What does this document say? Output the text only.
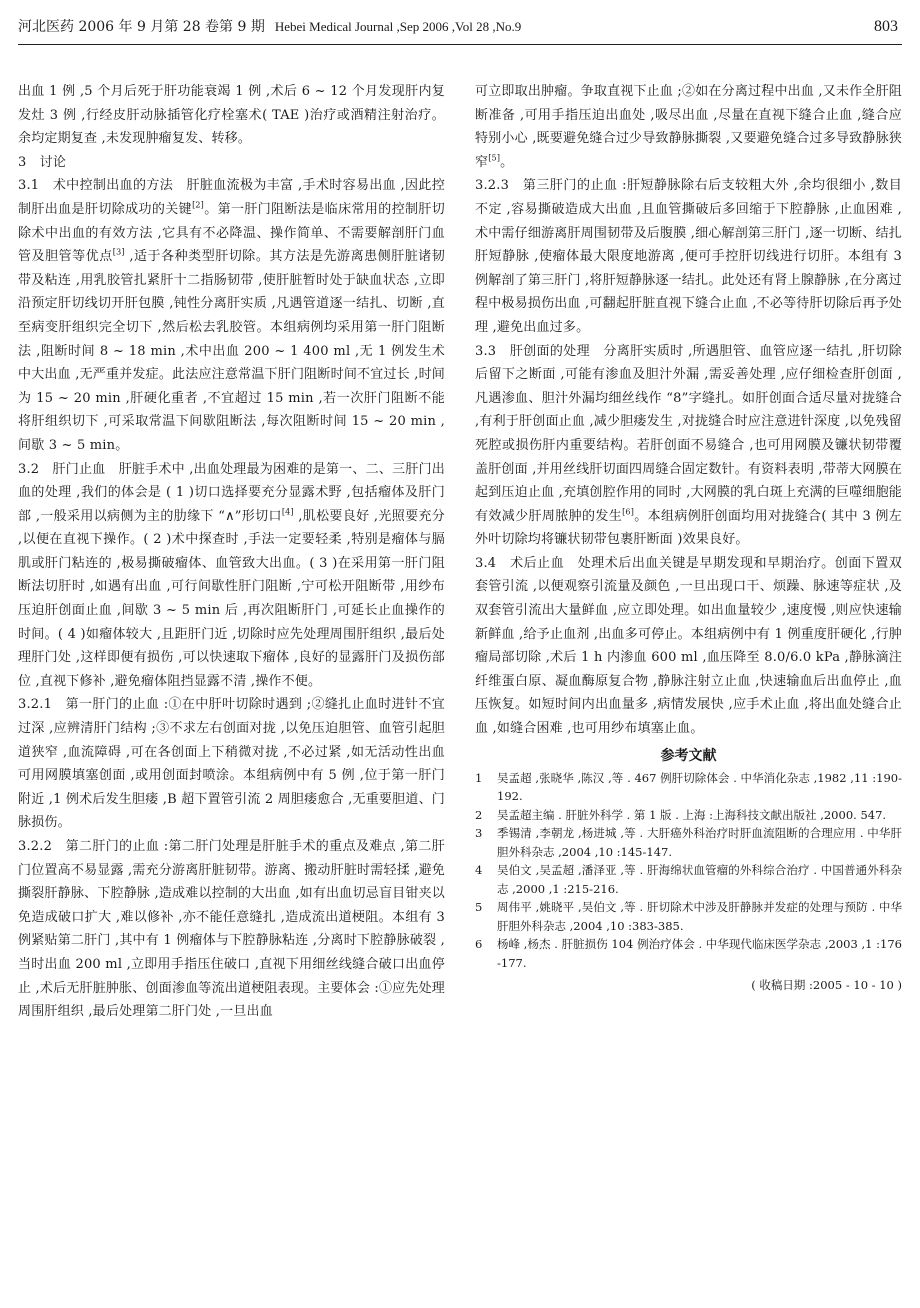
河北医药 2006 年 9 月第 28 卷第 9 期 Hebei Medical Journal ,Sep 2006 ,Vol 28 ,No.9	803

出血 1 例 ,5 个月后死于肝功能衰竭 1 例 ,术后 6 ~ 12 个月发现肝内复发灶 3 例 ,行经皮肝动脉插管化疗栓塞术( TAE )治疗或酒精注射治疗。余均定期复查 ,未发现肿瘤复发、转移。

3　讨论

3.1　术中控制出血的方法　肝脏血流极为丰富 ,手术时容易出血 ,因此控制肝出血是肝切除成功的关键[2]。第一肝门阻断法是临床常用的控制肝切除术中出血的有效方法 ,它具有不必降温、操作简单、不需要解剖肝门血管及胆管等优点[3] ,适于各种类型肝切除。其方法是先游离患侧肝脏诸韧带及粘连 ,用乳胶管扎紧肝十二指肠韧带 ,使肝脏暂时处于缺血状态 ,立即沿预定肝切线切开肝包膜 ,钝性分离肝实质 ,凡遇管道逐一结扎、切断 ,直至病变肝组织完全切下 ,然后松去乳胶管。本组病例均采用第一肝门阻断法 ,阻断时间 8 ~ 18 min ,术中出血 200 ~ 1 400 ml ,无 1 例发生术中大出血 ,无严重并发症。此法应注意常温下肝门阻断时间不宜过长 ,时间为 15 ~ 20 min ,肝硬化重者 ,不宜超过 15 min ,若一次肝门阻断不能将肝组织切下 ,可采取常温下间歇阻断法 ,每次阻断时间 15 ~ 20 min ,间歇 3 ~ 5 min。

3.2　肝门止血　肝脏手术中 ,出血处理最为困难的是第一、二、三肝门出血的处理 ,我们的体会是 ( 1 )切口选择要充分显露术野 ,包括瘤体及肝门部 ,一般采用以病侧为主的肋缘下 “∧”形切口[4] ,肌松要良好 ,光照要充分 ,以便在直视下操作。( 2 )术中探查时 ,手法一定要轻柔 ,特别是瘤体与膈肌或肝门粘连的 ,极易撕破瘤体、血管致大出血。( 3 )在采用第一肝门阻断法切肝时 ,如遇有出血 ,可行间歇性肝门阻断 ,宁可松开阻断带 ,用纱布压迫肝创面止血 ,间歇 3 ~ 5 min 后 ,再次阻断肝门 ,可延长止血操作的时间。( 4 )如瘤体较大 ,且距肝门近 ,切除时应先处理周围肝组织 ,最后处理肝门处 ,这样即便有损伤 ,可以快速取下瘤体 ,良好的显露肝门及损伤部位 ,直视下修补 ,避免瘤体阻挡显露不清 ,操作不便。

3.2.1　第一肝门的止血 :①在中肝叶切除时遇到 ;②缝扎止血时进针不宜过深 ,应辨清肝门结构 ;③不求左右创面对拢 ,以免压迫胆管、血管引起胆道狭窄 ,血流障碍 ,可在各创面上下稍微对拢 ,不必过紧 ,如无活动性出血可用网膜填塞创面 ,或用创面封喷涂。本组病例中有 5 例 ,位于第一肝门附近 ,1 例术后发生胆瘘 ,B 超下置管引流 2 周胆瘘愈合 ,无重要胆道、门脉损伤。

3.2.2　第二肝门的止血 :第二肝门处理是肝脏手术的重点及难点 ,第二肝门位置高不易显露 ,需充分游离肝脏韧带。游离、搬动肝脏时需轻揉 ,避免撕裂肝静脉、下腔静脉 ,造成难以控制的大出血 ,如有出血切忌盲目钳夹以免造成破口扩大 ,难以修补 ,亦不能任意缝扎 ,造成流出道梗阻。本组有 3 例紧贴第二肝门 ,其中有 1 例瘤体与下腔静脉粘连 ,分离时下腔静脉破裂 ,当时出血 200 ml ,立即用手指压住破口 ,直视下用细丝线缝合破口出血停止 ,术后无肝脏肿胀、创面渗血等流出道梗阻表现。主要体会 :①应先处理周围肝组织 ,最后处理第二肝门处 ,一旦出血

可立即取出肿瘤。争取直视下止血 ;②如在分离过程中出血 ,又未作全肝阻断准备 ,可用手指压迫出血处 ,吸尽出血 ,尽量在直视下缝合止血 ,缝合应特别小心 ,既要避免缝合过少导致静脉撕裂 ,又要避免缝合过多导致静脉狭窄[5]。

3.2.3　第三肝门的止血 :肝短静脉除右后支较粗大外 ,余均很细小 ,数目不定 ,容易撕破造成大出血 ,且血管撕破后多回缩于下腔静脉 ,止血困难 ,术中需仔细游离肝周围韧带及后腹膜 ,细心解剖第三肝门 ,逐一切断、结扎肝短静脉 ,使瘤体最大限度地游离 ,便可手控肝切线进行切肝。本组有 3 例解剖了第三肝门 ,将肝短静脉逐一结扎。此处还有肾上腺静脉 ,在分离过程中极易损伤出血 ,可翻起肝脏直视下缝合止血 ,不必等待肝切除后再予处理 ,避免出血过多。

3.3　肝创面的处理　分离肝实质时 ,所遇胆管、血管应逐一结扎 ,肝切除后留下之断面 ,可能有渗血及胆汁外漏 ,需妥善处理 ,应仔细检查肝创面 ,凡遇渗血、胆汁外漏均细丝线作 “8”字缝扎。如肝创面合适尽量对拢缝合 ,有利于肝创面止血 ,减少胆瘘发生 ,对拢缝合时应注意进针深度 ,以免残留死腔或损伤肝内重要结构。若肝创面不易缝合 ,也可用网膜及镰状韧带覆盖肝创面 ,并用丝线肝切面四周缝合固定数针。有资料表明 ,带蒂大网膜在起到压迫止血 ,充填创腔作用的同时 ,大网膜的乳白斑上充满的巨噬细胞能有效减少肝周脓肿的发生[6]。本组病例肝创面均用对拢缝合( 其中 3 例左外叶切除均将镰状韧带包裹肝断面 )效果良好。

3.4　术后止血　处理术后出血关键是早期发现和早期治疗。创面下置双套管引流 ,以便观察引流量及颜色 ,一旦出现口干、烦躁、脉速等症状 ,及双套管引流出大量鲜血 ,应立即处理。如出血量较少 ,速度慢 ,则应快速输新鲜血 ,给予止血剂 ,出血多可停止。本组病例中有 1 例重度肝硬化 ,行肿瘤局部切除 ,术后 1 h 内渗血 600 ml ,血压降至 8.0/6.0 kPa ,静脉滴注纤维蛋白原、凝血酶原复合物 ,静脉注射立止血 ,快速输血后出血停止 ,血压恢复。如短时间内出血量多 ,病情发展快 ,应手术止血 ,将出血处缝合止血 ,如缝合困难 ,也可用纱布填塞止血。

参考文献
1 吴孟超 ,张晓华 ,陈汉 ,等 . 467 例肝切除体会 . 中华消化杂志 ,1982 ,11 :190-192.
2 吴孟超主编 . 肝脏外科学 . 第 1 版 . 上海 :上海科技文献出版社 ,2000. 547.
3 季锡清 ,李朝龙 ,杨进城 ,等 . 大肝癌外科治疗时肝血流阻断的合理应用 . 中华肝胆外科杂志 ,2004 ,10 :145-147.
4 吴伯文 ,吴孟超 ,潘泽亚 ,等 . 肝海绵状血管瘤的外科综合治疗 . 中国普通外科杂志 ,2000 ,1 :215-216.
5 周伟平 ,姚晓平 ,吴伯文 ,等 . 肝切除术中涉及肝静脉并发症的处理与预防 . 中华肝胆外科杂志 ,2004 ,10 :383-385.
6 杨峰 ,杨杰 . 肝脏损伤 104 例治疗体会 . 中华现代临床医学杂志 ,2003 ,1 :176-177.
( 收稿日期 :2005 - 10 - 10 )
